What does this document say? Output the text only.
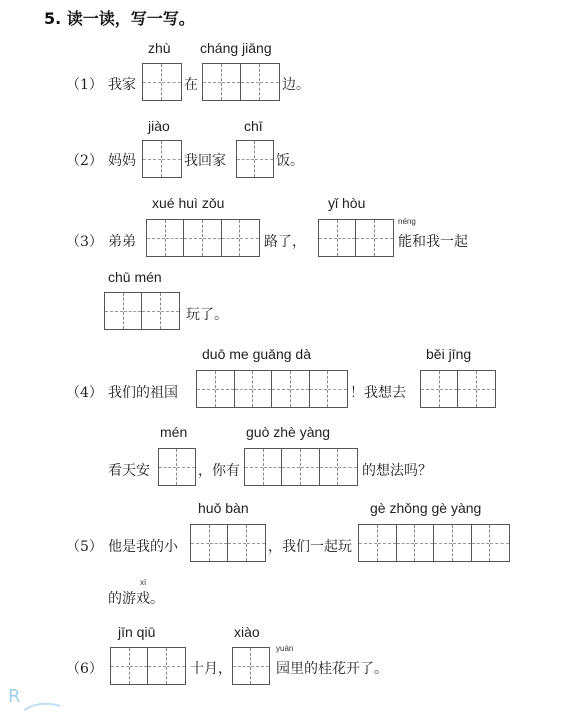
5. 读一读，写一写。
zhù cháng jiāng
（1） 我家	在	边。
jiào	chī
（2） 妈妈	我回家	饭。
xué huì zǒu	yǐ hòu
néng
（3） 弟弟	路了，	能和我一起
chū mén
玩了。
duō me guǎng dà	běi jīng
（4） 我们的祖国	！我想去
mén	guò zhè yàng
看天安	，你有	的想法吗？
huǒ bàn	gè zhǒng gè yàng
（5） 他是我的小	，我们一起玩
xì
的游戏。
jīn qiū	xiào
yuán
（6）	十月，	园里的桂花开了。
R
